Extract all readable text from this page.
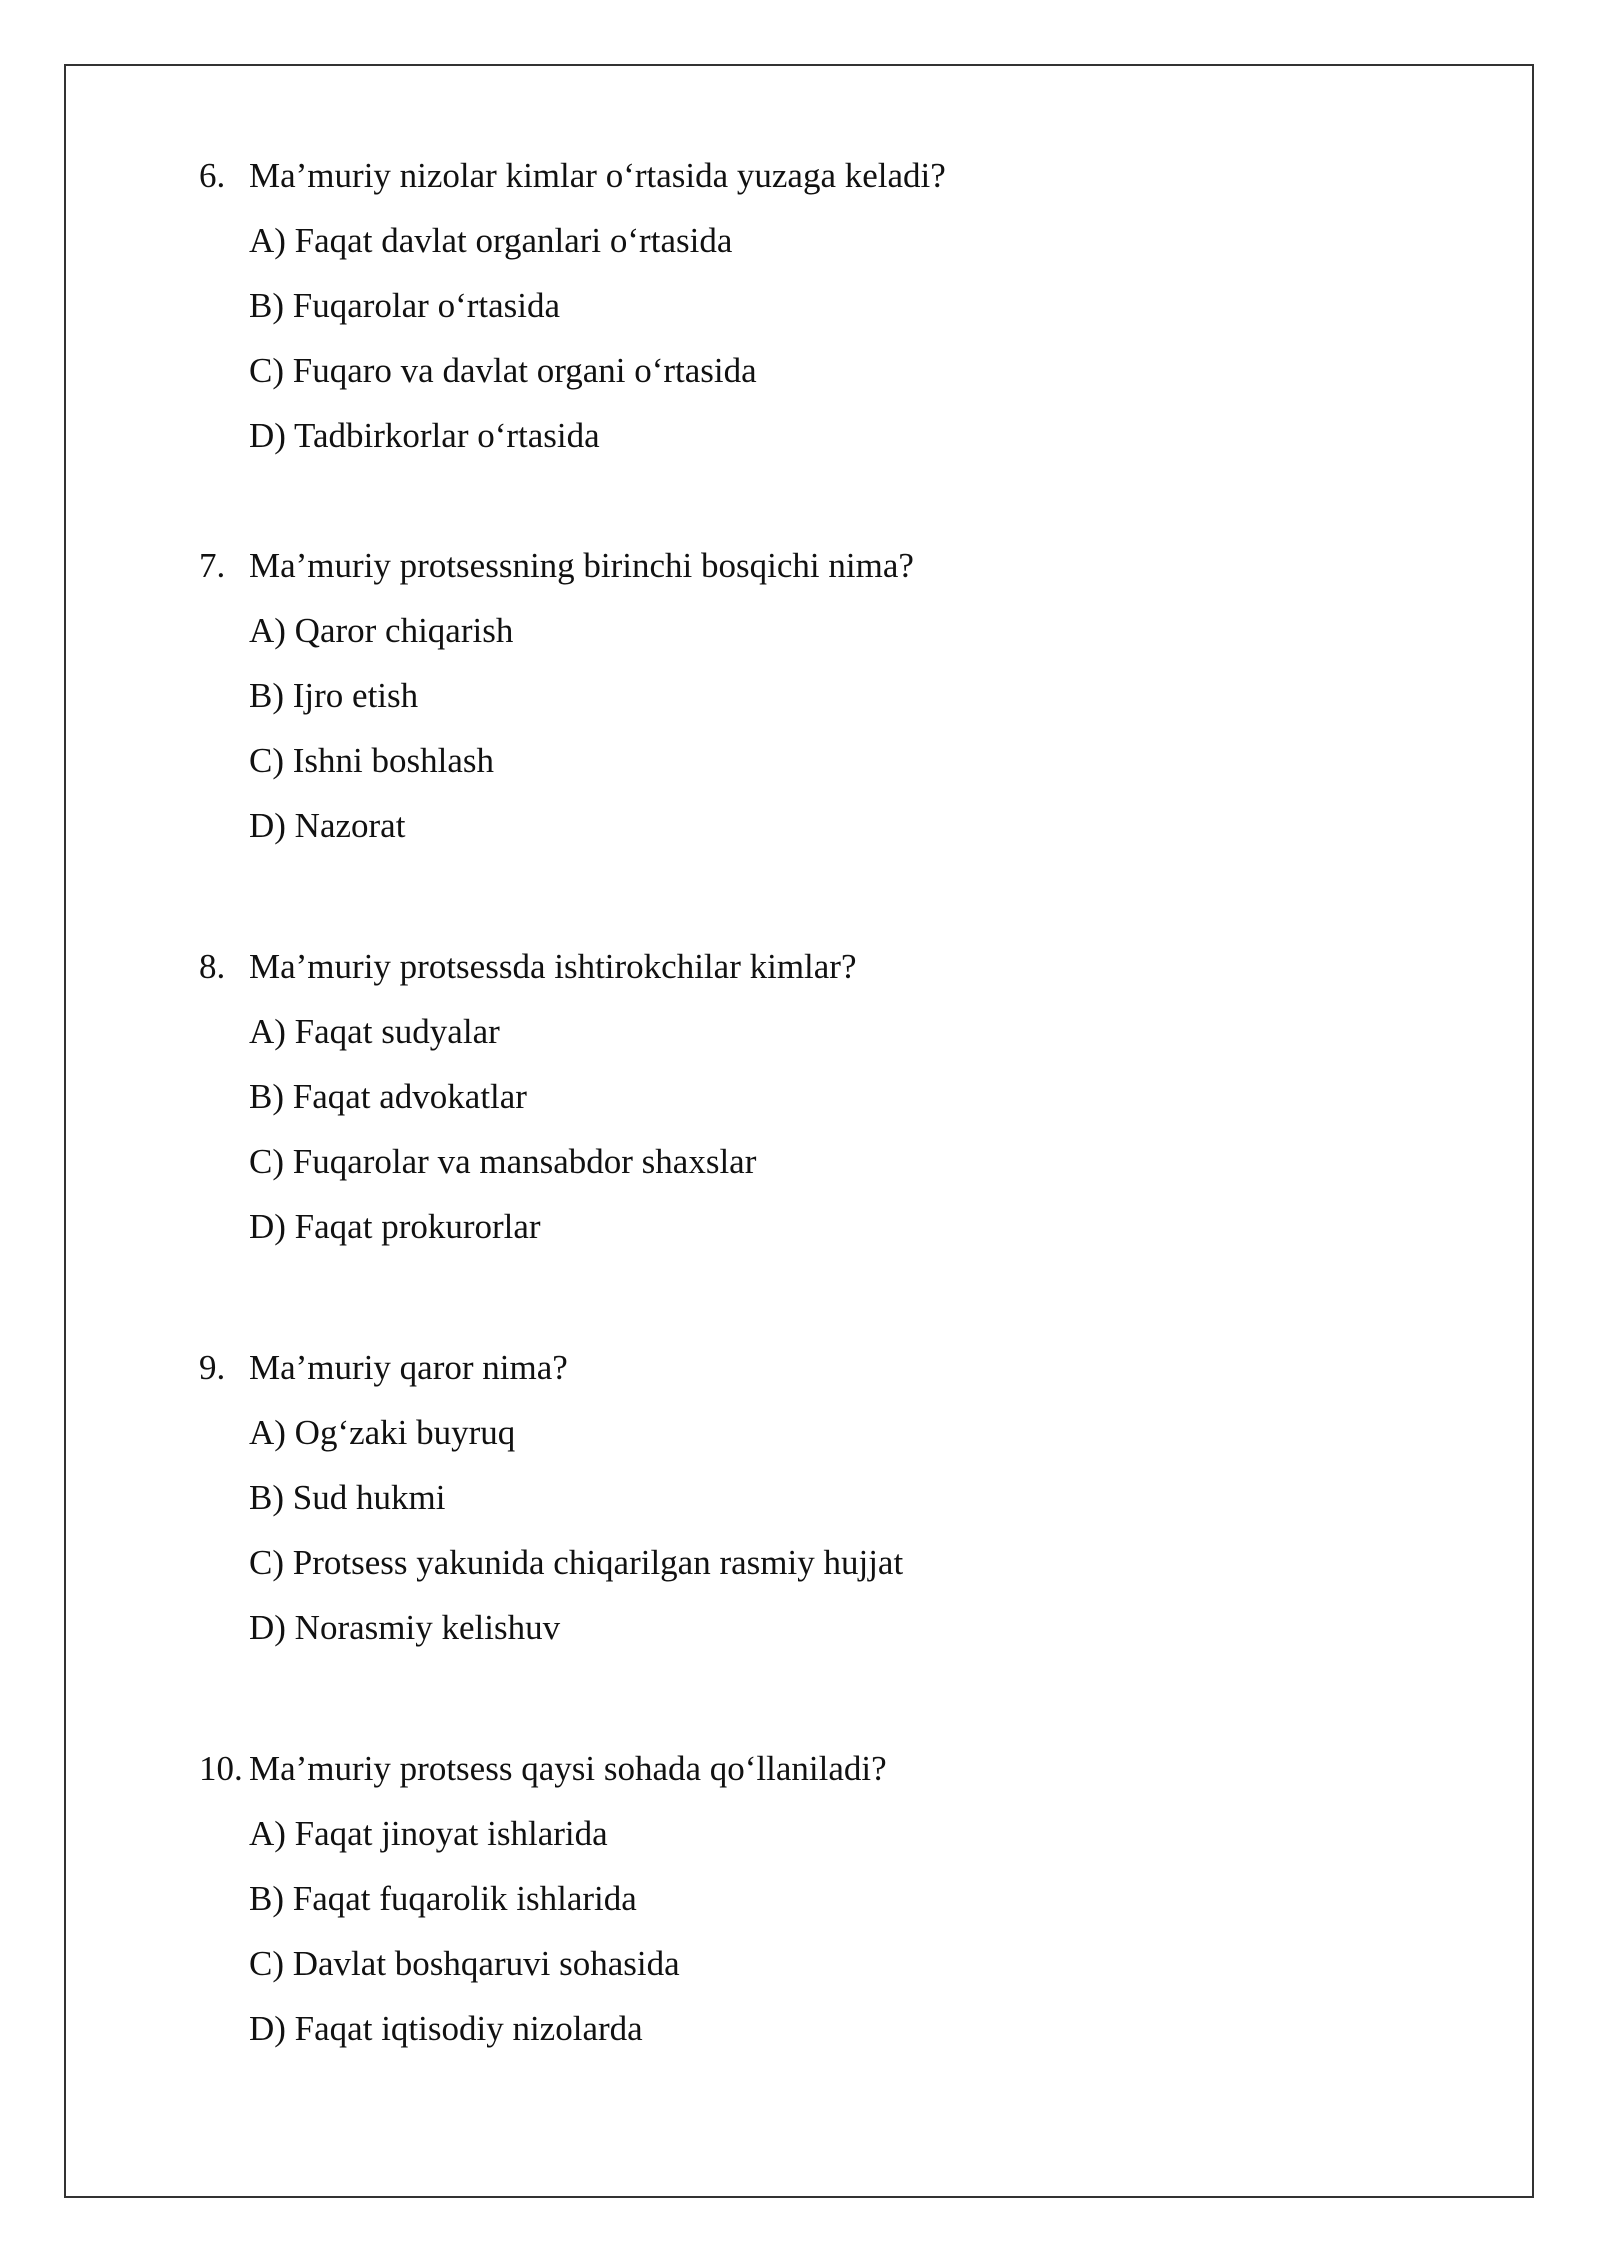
6. Ma’muriy nizolar kimlar o‘rtasida yuzaga keladi?
A) Faqat davlat organlari o‘rtasida
B) Fuqarolar o‘rtasida
C) Fuqaro va davlat organi o‘rtasida
D) Tadbirkorlar o‘rtasida
7. Ma’muriy protsessning birinchi bosqichi nima?
A) Qaror chiqarish
B) Ijro etish
C) Ishni boshlash
D) Nazorat
8. Ma’muriy protsessda ishtirokchilar kimlar?
A) Faqat sudyalar
B) Faqat advokatlar
C) Fuqarolar va mansabdor shaxslar
D) Faqat prokurorlar
9. Ma’muriy qaror nima?
A) Og‘zaki buyruq
B) Sud hukmi
C) Protsess yakunida chiqarilgan rasmiy hujjat
D) Norasmiy kelishuv
10. Ma’muriy protsess qaysi sohada qo‘llaniladi?
A) Faqat jinoyat ishlarida
B) Faqat fuqarolik ishlarida
C) Davlat boshqaruvi sohasida
D) Faqat iqtisodiy nizolarda
